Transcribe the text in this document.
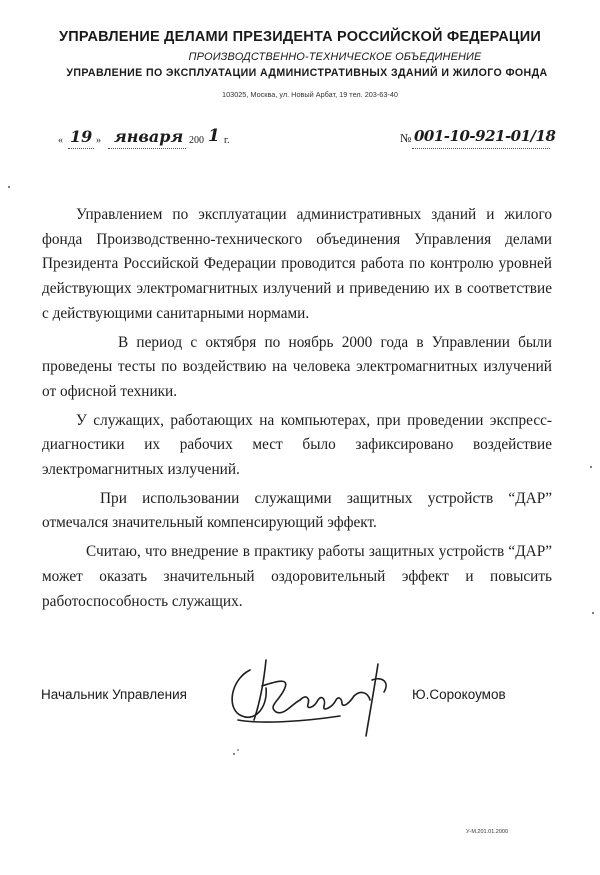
УПРАВЛЕНИЕ ДЕЛАМИ ПРЕЗИДЕНТА РОССИЙСКОЙ ФЕДЕРАЦИИ
ПРОИЗВОДСТВЕННО-ТЕХНИЧЕСКОЕ ОБЪЕДИНЕНИЕ
УПРАВЛЕНИЕ ПО ЭКСПЛУАТАЦИИ АДМИНИСТРАТИВНЫХ ЗДАНИЙ И ЖИЛОГО ФОНДА
103025, Москва, ул. Новый Арбат, 19 тел. 203-63-40
« 19 » января 200 1 г.	№ 001-10-921-01/18

Управлением по эксплуатации административных зданий и жилого фонда Производственно-технического объединения Управления делами Президента Российской Федерации проводится работа по контролю уровней действующих электромагнитных излучений и приведению их в соответствие с действующими санитарными нормами.

В период с октября по ноябрь 2000 года в Управлении были проведены тесты по воздействию на человека электромагнитных излучений от офисной техники.

У служащих, работающих на компьютерах, при проведении экспресс-диагностики их рабочих мест было зафиксировано воздействие электромагнитных излучений.

При использовании служащими защитных устройств “ДАР” отмечался значительный компенсирующий эффект.

Считаю, что внедрение в практику работы защитных устройств “ДАР” может оказать значительный оздоровительный эффект и повысить работоспособность служащих.

Начальник Управления	Ю.Сорокоумов
У-М.201.01.2000
